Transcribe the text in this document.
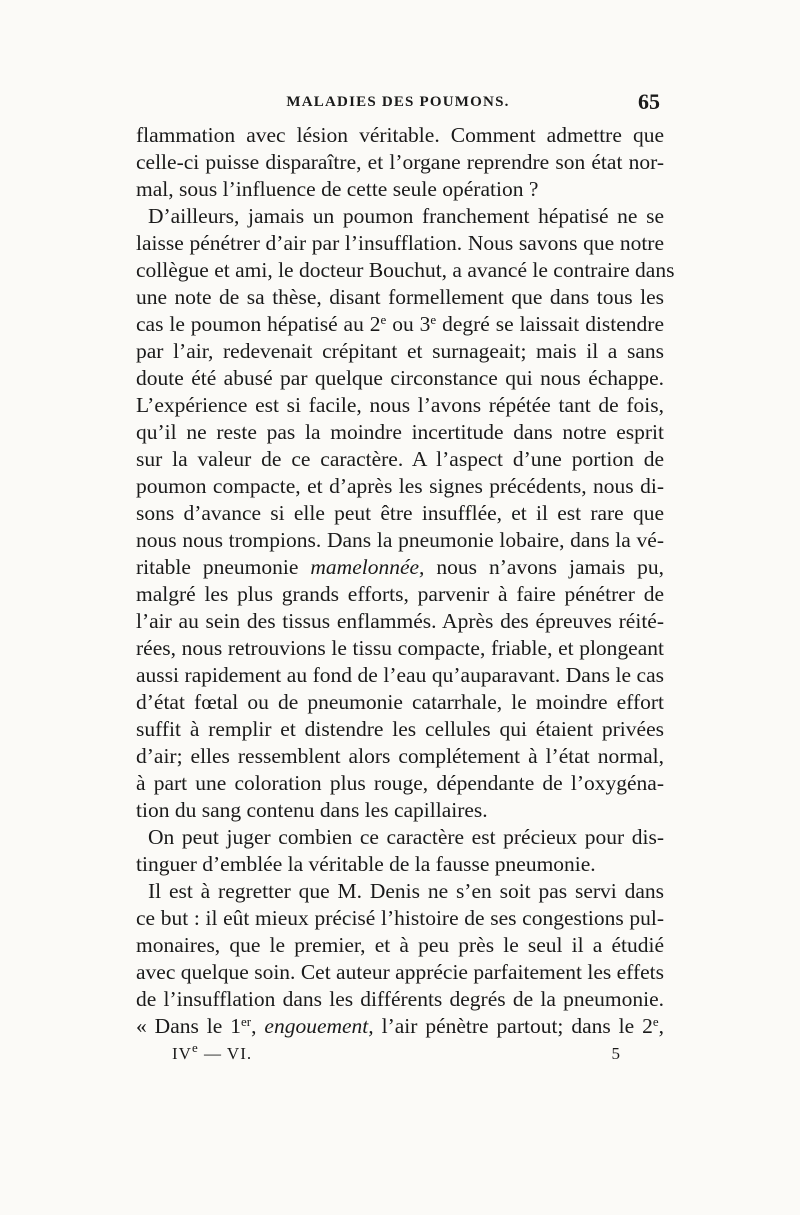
MALADIES DES POUMONS.	65
flammation avec lésion véritable. Comment admettre que
celle-ci puisse disparaître, et l’organe reprendre son état nor-
mal, sous l’influence de cette seule opération ?
D’ailleurs, jamais un poumon franchement hépatisé ne se
laisse pénétrer d’air par l’insufflation. Nous savons que notre
collègue et ami, le docteur Bouchut, a avancé le contraire dans
une note de sa thèse, disant formellement que dans tous les
cas le poumon hépatisé au 2e ou 3e degré se laissait distendre
par l’air, redevenait crépitant et surnageait; mais il a sans
doute été abusé par quelque circonstance qui nous échappe.
L’expérience est si facile, nous l’avons répétée tant de fois,
qu’il ne reste pas la moindre incertitude dans notre esprit
sur la valeur de ce caractère. A l’aspect d’une portion de
poumon compacte, et d’après les signes précédents, nous di-
sons d’avance si elle peut être insufflée, et il est rare que
nous nous trompions. Dans la pneumonie lobaire, dans la vé-
ritable pneumonie mamelonnée, nous n’avons jamais pu,
malgré les plus grands efforts, parvenir à faire pénétrer de
l’air au sein des tissus enflammés. Après des épreuves réité-
rées, nous retrouvions le tissu compacte, friable, et plongeant
aussi rapidement au fond de l’eau qu’auparavant. Dans le cas
d’état fœtal ou de pneumonie catarrhale, le moindre effort
suffit à remplir et distendre les cellules qui étaient privées
d’air; elles ressemblent alors complétement à l’état normal,
à part une coloration plus rouge, dépendante de l’oxygéna-
tion du sang contenu dans les capillaires.
On peut juger combien ce caractère est précieux pour dis-
tinguer d’emblée la véritable de la fausse pneumonie.
Il est à regretter que M. Denis ne s’en soit pas servi dans
ce but : il eût mieux précisé l’histoire de ses congestions pul-
monaires, que le premier, et à peu près le seul il a étudié
avec quelque soin. Cet auteur apprécie parfaitement les effets
de l’insufflation dans les différents degrés de la pneumonie.
« Dans le 1er, engouement, l’air pénètre partout; dans le 2e,
IVe — VI.	5
